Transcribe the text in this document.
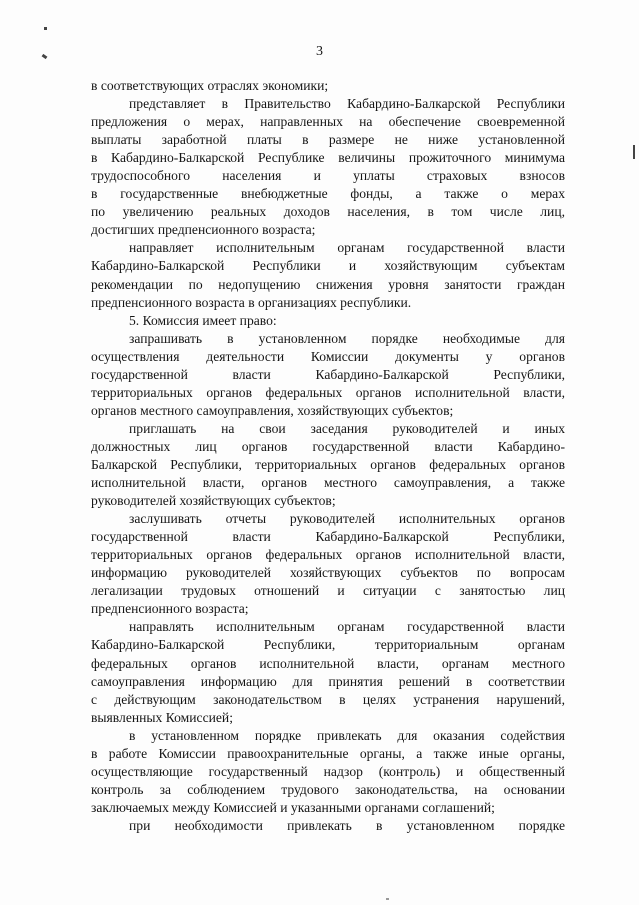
3
в соответствующих отраслях экономики;
представляет в Правительство Кабардино-Балкарской Республики
предложения о мерах, направленных на обеспечение своевременной
выплаты заработной платы в размере не ниже установленной
в Кабардино-Балкарской Республике величины прожиточного минимума
трудоспособного населения и уплаты страховых взносов
в государственные внебюджетные фонды, а также о мерах
по увеличению реальных доходов населения, в том числе лиц,
достигших предпенсионного возраста;
направляет исполнительным органам государственной власти
Кабардино-Балкарской Республики и хозяйствующим субъектам
рекомендации по недопущению снижения уровня занятости граждан
предпенсионного возраста в организациях республики.
5. Комиссия имеет право:
запрашивать в установленном порядке необходимые для
осуществления деятельности Комиссии документы у органов
государственной власти Кабардино-Балкарской Республики,
территориальных органов федеральных органов исполнительной власти,
органов местного самоуправления, хозяйствующих субъектов;
приглашать на свои заседания руководителей и иных
должностных лиц органов государственной власти Кабардино-
Балкарской Республики, территориальных органов федеральных органов
исполнительной власти, органов местного самоуправления, а также
руководителей хозяйствующих субъектов;
заслушивать отчеты руководителей исполнительных органов
государственной власти Кабардино-Балкарской Республики,
территориальных органов федеральных органов исполнительной власти,
информацию руководителей хозяйствующих субъектов по вопросам
легализации трудовых отношений и ситуации с занятостью лиц
предпенсионного возраста;
направлять исполнительным органам государственной власти
Кабардино-Балкарской Республики, территориальным органам
федеральных органов исполнительной власти, органам местного
самоуправления информацию для принятия решений в соответствии
с действующим законодательством в целях устранения нарушений,
выявленных Комиссией;
в установленном порядке привлекать для оказания содействия
в работе Комиссии правоохранительные органы, а также иные органы,
осуществляющие государственный надзор (контроль) и общественный
контроль за соблюдением трудового законодательства, на основании
заключаемых между Комиссией и указанными органами соглашений;
при необходимости привлекать в установленном порядке
